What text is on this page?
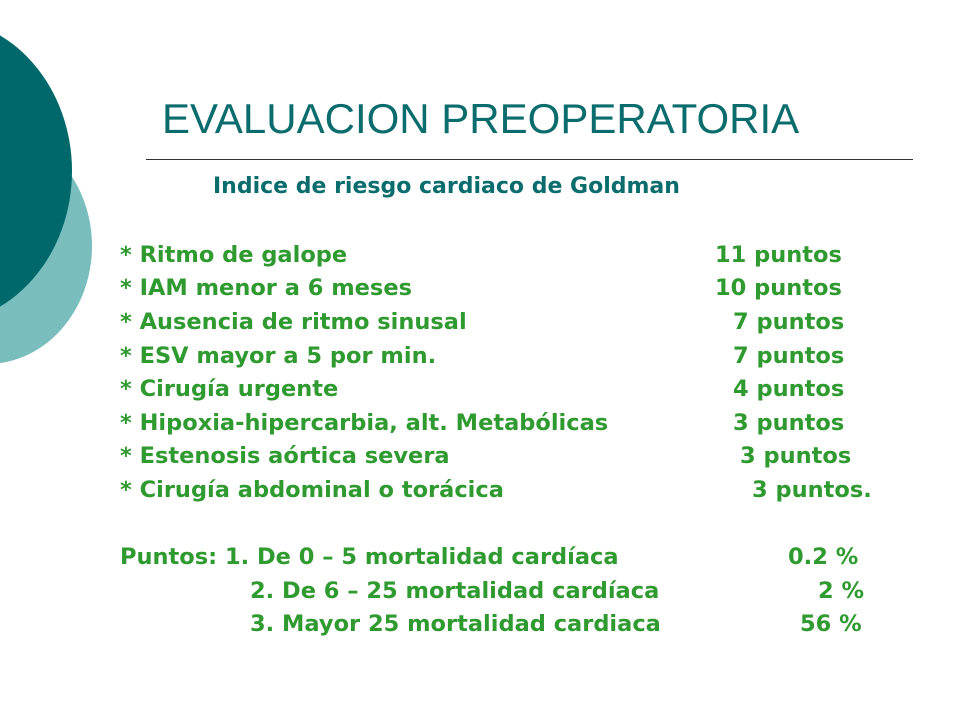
EVALUACION PREOPERATORIA
Indice de riesgo cardiaco de Goldman
* Ritmo de galope	11 puntos
* IAM menor a 6 meses	10 puntos
* Ausencia de ritmo sinusal	7 puntos
* ESV mayor a 5 por min.	7 puntos
* Cirugía urgente	4 puntos
* Hipoxia-hipercarbia, alt. Metabólicas	3 puntos
* Estenosis aórtica severa	3 puntos
* Cirugía abdominal o torácica	3 puntos.
Puntos: 1. De 0 – 5 mortalidad cardíaca	0.2 %
2. De 6 – 25 mortalidad cardíaca	2 %
3. Mayor 25 mortalidad cardiaca	56 %
